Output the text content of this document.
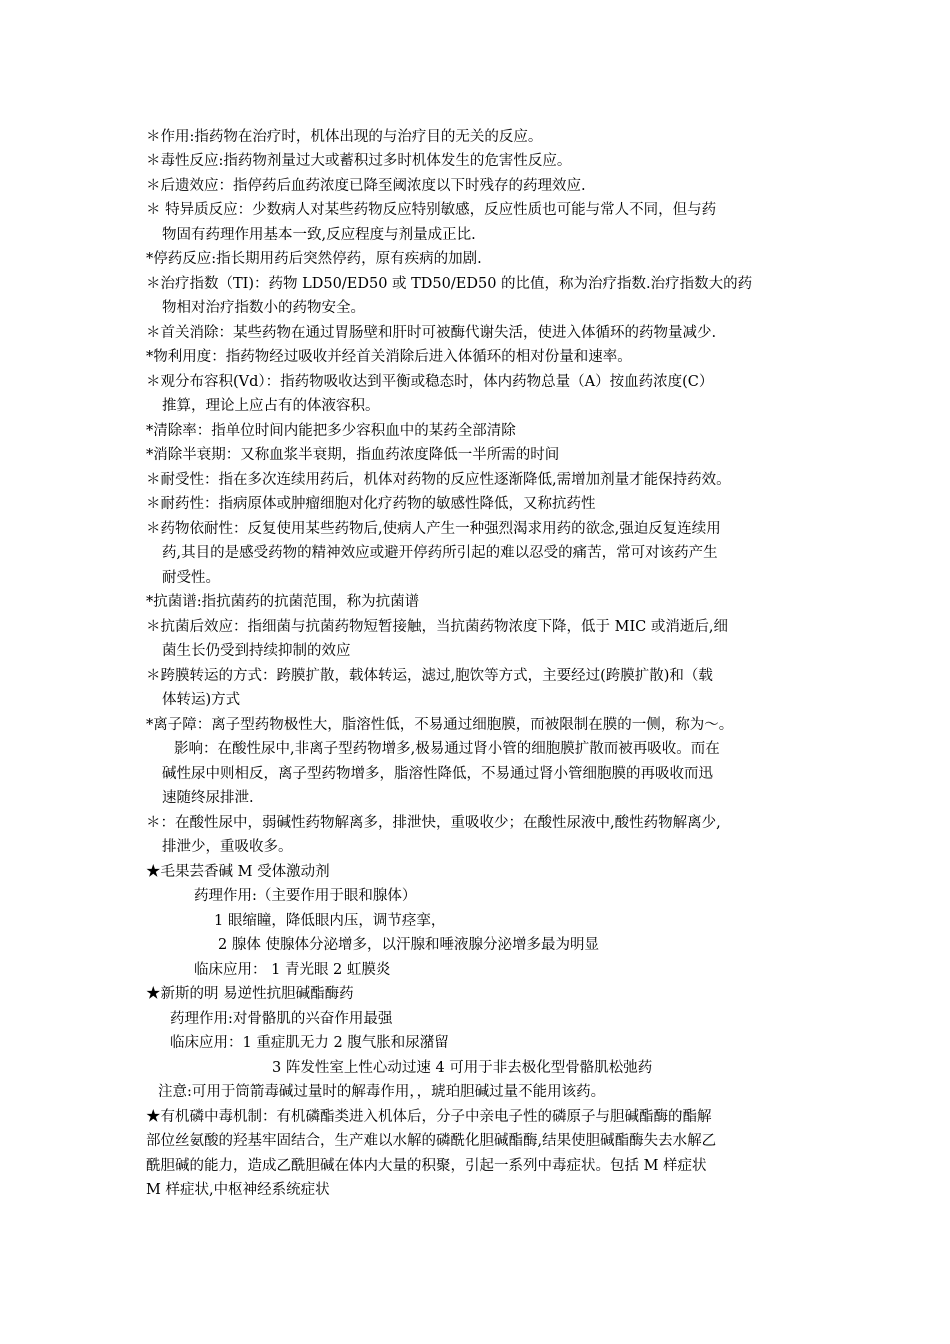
＊作用:指药物在治疗时，机体出现的与治疗目的无关的反应。
＊毒性反应:指药物剂量过大或蓄积过多时机体发生的危害性反应。
＊后遗效应：指停药后血药浓度已降至阈浓度以下时残存的药理效应.
＊ 特异质反应：少数病人对某些药物反应特别敏感，反应性质也可能与常人不同，但与药
物固有药理作用基本一致,反应程度与剂量成正比.
*停药反应:指长期用药后突然停药，原有疾病的加剧.
＊治疗指数（TI)：药物 LD50/ED50 或 TD50/ED50 的比值，称为治疗指数.治疗指数大的药
物相对治疗指数小的药物安全。
＊首关消除：某些药物在通过胃肠壁和肝时可被酶代谢失活，使进入体循环的药物量减少.
*物利用度：指药物经过吸收并经首关消除后进入体循环的相对份量和速率。
＊观分布容积(Vd）：指药物吸收达到平衡或稳态时，体内药物总量（A）按血药浓度(C）
推算，理论上应占有的体液容积。
*清除率：指单位时间内能把多少容积血中的某药全部清除
*消除半衰期：又称血浆半衰期，指血药浓度降低一半所需的时间
＊耐受性：指在多次连续用药后，机体对药物的反应性逐渐降低,需增加剂量才能保持药效。
＊耐药性：指病原体或肿瘤细胞对化疗药物的敏感性降低，又称抗药性
＊药物依耐性：反复使用某些药物后,使病人产生一种强烈渴求用药的欲念,强迫反复连续用
药,其目的是感受药物的精神效应或避开停药所引起的难以忍受的痛苦，常可对该药产生
耐受性。
*抗菌谱:指抗菌药的抗菌范围，称为抗菌谱
＊抗菌后效应：指细菌与抗菌药物短暂接触，当抗菌药物浓度下降，低于 MIC 或消逝后,细
菌生长仍受到持续抑制的效应
＊跨膜转运的方式：跨膜扩散，载体转运，滤过,胞饮等方式，主要经过(跨膜扩散)和（载
体转运)方式
*离子障：离子型药物极性大，脂溶性低，不易通过细胞膜，而被限制在膜的一侧，称为～。
影响：在酸性尿中,非离子型药物增多,极易通过肾小管的细胞膜扩散而被再吸收。而在
碱性尿中则相反，离子型药物增多，脂溶性降低，不易通过肾小管细胞膜的再吸收而迅
速随终尿排泄.
＊：在酸性尿中，弱碱性药物解离多，排泄快，重吸收少；在酸性尿液中,酸性药物解离少,
排泄少，重吸收多。
★毛果芸香碱 M 受体激动剂
药理作用:（主要作用于眼和腺体）
1 眼缩瞳，降低眼内压，调节痉挛，
2 腺体 使腺体分泌增多，以汗腺和唾液腺分泌增多最为明显
临床应用： 1 青光眼 2 虹膜炎
★新斯的明 易逆性抗胆碱酯酶药
药理作用:对骨骼肌的兴奋作用最强
临床应用：1 重症肌无力 2 腹气胀和尿潴留
3 阵发性室上性心动过速 4 可用于非去极化型骨骼肌松弛药
注意:可用于筒箭毒碱过量时的解毒作用，，琥珀胆碱过量不能用该药。
★有机磷中毒机制：有机磷酯类进入机体后，分子中亲电子性的磷原子与胆碱酯酶的酯解
部位丝氨酸的羟基牢固结合，生产难以水解的磷酰化胆碱酯酶,结果使胆碱酯酶失去水解乙
酰胆碱的能力，造成乙酰胆碱在体内大量的积聚，引起一系列中毒症状。包括 M 样症状
M 样症状,中枢神经系统症状
